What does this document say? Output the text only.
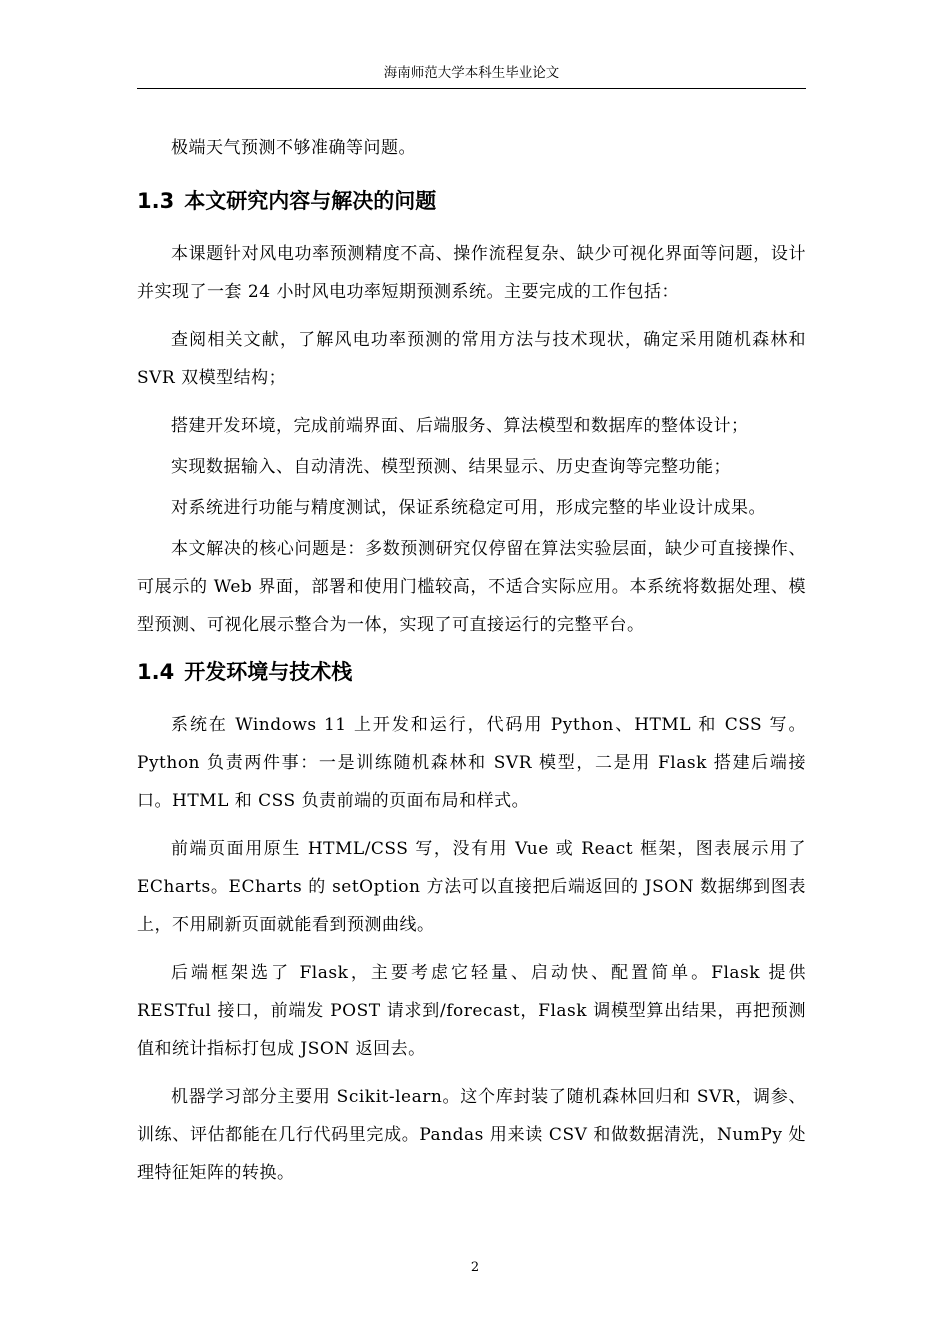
海南师范大学本科生毕业论文

极端天气预测不够准确等问题。

1.3 本文研究内容与解决的问题

本课题针对风电功率预测精度不高、操作流程复杂、缺少可视化界面等问题，设计并实现了一套 24 小时风电功率短期预测系统。主要完成的工作包括：

查阅相关文献，了解风电功率预测的常用方法与技术现状，确定采用随机森林和 SVR 双模型结构；

搭建开发环境，完成前端界面、后端服务、算法模型和数据库的整体设计；

实现数据输入、自动清洗、模型预测、结果显示、历史查询等完整功能；

对系统进行功能与精度测试，保证系统稳定可用，形成完整的毕业设计成果。

本文解决的核心问题是：多数预测研究仅停留在算法实验层面，缺少可直接操作、可展示的 Web 界面，部署和使用门槛较高，不适合实际应用。本系统将数据处理、模型预测、可视化展示整合为一体，实现了可直接运行的完整平台。

1.4 开发环境与技术栈

系统在 Windows 11 上开发和运行，代码用 Python、HTML 和 CSS 写。Python 负责两件事：一是训练随机森林和 SVR 模型，二是用 Flask 搭建后端接口。HTML 和 CSS 负责前端的页面布局和样式。

前端页面用原生 HTML/CSS 写，没有用 Vue 或 React 框架，图表展示用了 ECharts。ECharts 的 setOption 方法可以直接把后端返回的 JSON 数据绑到图表上，不用刷新页面就能看到预测曲线。

后端框架选了 Flask，主要考虑它轻量、启动快、配置简单。Flask 提供 RESTful 接口，前端发 POST 请求到/forecast，Flask 调模型算出结果，再把预测值和统计指标打包成 JSON 返回去。

机器学习部分主要用 Scikit-learn。这个库封装了随机森林回归和 SVR，调参、训练、评估都能在几行代码里完成。Pandas 用来读 CSV 和做数据清洗，NumPy 处理特征矩阵的转换。

2
